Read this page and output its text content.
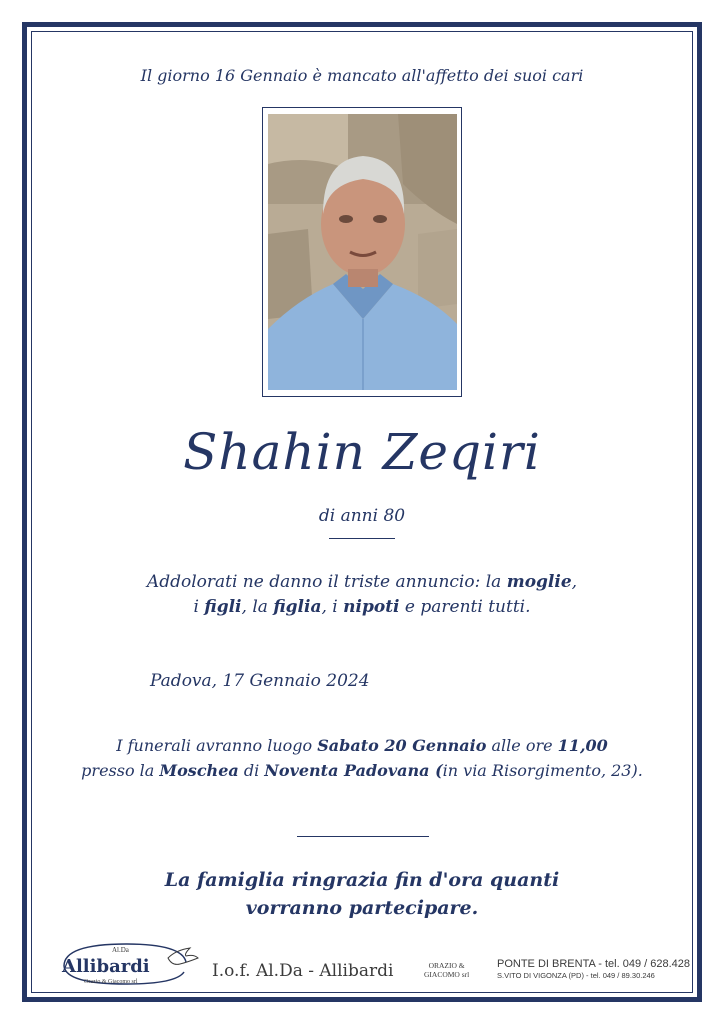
Il giorno 16 Gennaio è mancato all'affetto dei suoi cari
Shahin Zeqiri
di anni 80
Addolorati ne danno il triste annuncio: la moglie,
i figli, la figlia, i nipoti e parenti tutti.
Padova, 17 Gennaio 2024
I funerali avranno luogo Sabato 20 Gennaio alle ore 11,00
presso la Moschea di Noventa Padovana (in via Risorgimento, 23).
La famiglia ringrazia fin d'ora quanti
vorranno partecipare.
Al.Da
Allibardi
Orazio & Giacomo srl
I.o.f. Al.Da - Allibardi	ORAZIO &
GIACOMO srl
PONTE DI BRENTA - tel. 049 / 628.428
S.VITO DI VIGONZA (PD) - tel. 049 / 89.30.246
